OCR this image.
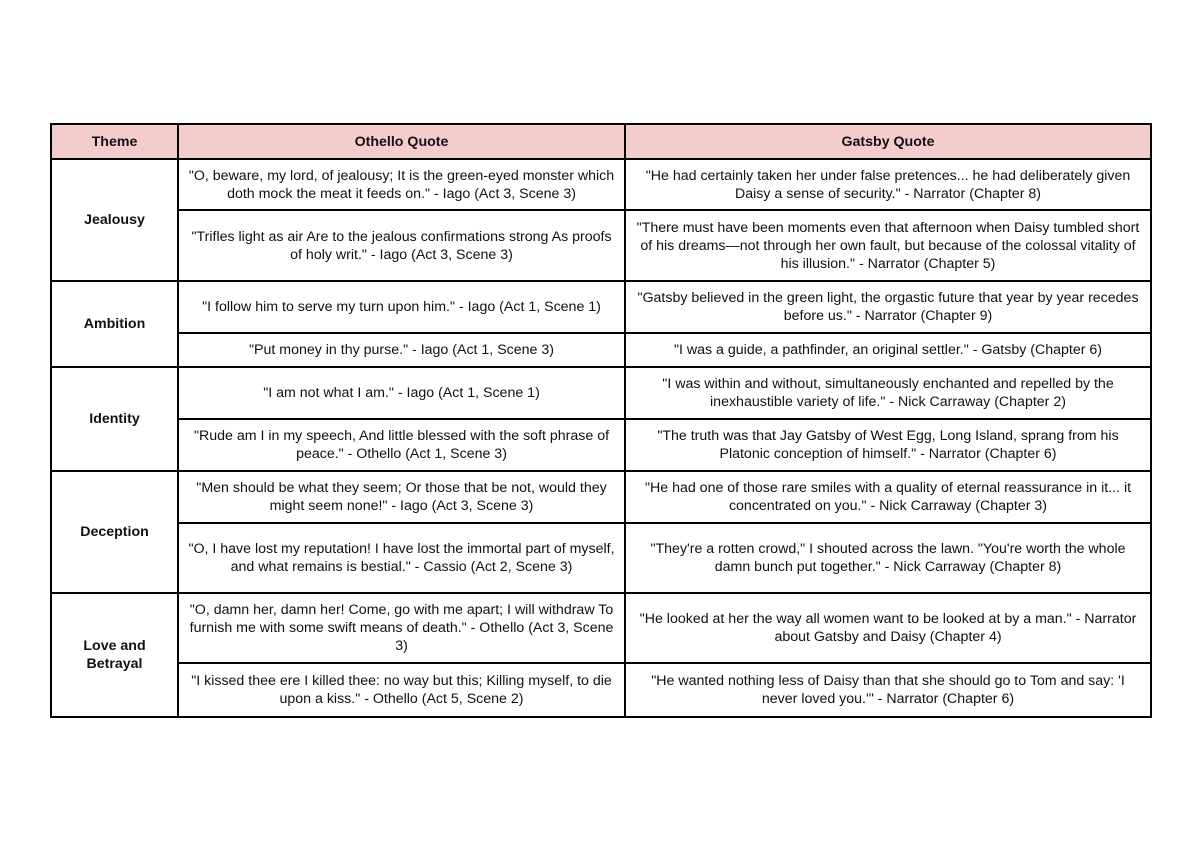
Theme	Othello Quote	Gatsby Quote
Jealousy	"O, beware, my lord, of jealousy; It is the green-eyed monster which doth mock the meat it feeds on." - Iago (Act 3, Scene 3)	"He had certainly taken her under false pretences... he had deliberately given Daisy a sense of security." - Narrator (Chapter 8)
	"Trifles light as air Are to the jealous confirmations strong As proofs of holy writ." - Iago (Act 3, Scene 3)	"There must have been moments even that afternoon when Daisy tumbled short of his dreams—not through her own fault, but because of the colossal vitality of his illusion." - Narrator (Chapter 5)
Ambition	"I follow him to serve my turn upon him." - Iago (Act 1, Scene 1)	"Gatsby believed in the green light, the orgastic future that year by year recedes before us." - Narrator (Chapter 9)
	"Put money in thy purse." - Iago (Act 1, Scene 3)	"I was a guide, a pathfinder, an original settler." - Gatsby (Chapter 6)
Identity	"I am not what I am." - Iago (Act 1, Scene 1)	"I was within and without, simultaneously enchanted and repelled by the inexhaustible variety of life." - Nick Carraway (Chapter 2)
	"Rude am I in my speech, And little blessed with the soft phrase of peace." - Othello (Act 1, Scene 3)	"The truth was that Jay Gatsby of West Egg, Long Island, sprang from his Platonic conception of himself." - Narrator (Chapter 6)
Deception	"Men should be what they seem; Or those that be not, would they might seem none!" - Iago (Act 3, Scene 3)	"He had one of those rare smiles with a quality of eternal reassurance in it... it concentrated on you." - Nick Carraway (Chapter 3)
	"O, I have lost my reputation! I have lost the immortal part of myself, and what remains is bestial." - Cassio (Act 2, Scene 3)	"They're a rotten crowd," I shouted across the lawn. "You're worth the whole damn bunch put together." - Nick Carraway (Chapter 8)
Love and Betrayal	"O, damn her, damn her! Come, go with me apart; I will withdraw To furnish me with some swift means of death." - Othello (Act 3, Scene 3)	"He looked at her the way all women want to be looked at by a man." - Narrator about Gatsby and Daisy (Chapter 4)
	"I kissed thee ere I killed thee: no way but this; Killing myself, to die upon a kiss." - Othello (Act 5, Scene 2)	"He wanted nothing less of Daisy than that she should go to Tom and say: 'I never loved you.'" - Narrator (Chapter 6)
